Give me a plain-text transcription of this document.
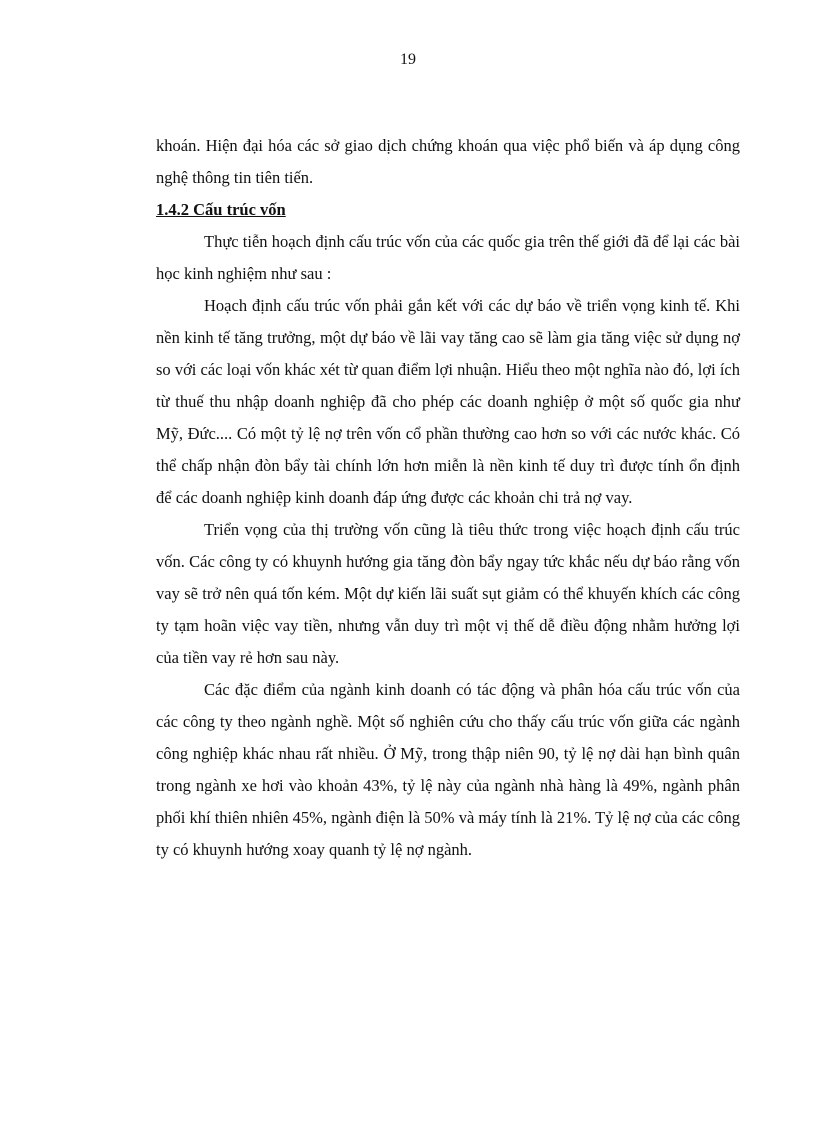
19

khoán. Hiện đại hóa các sở giao dịch chứng khoán qua việc phổ biến và áp dụng công nghệ thông tin tiên tiến.

1.4.2 Cấu trúc vốn

Thực tiễn hoạch định cấu trúc vốn của các quốc gia trên thế giới đã để lại các bài học kinh nghiệm như sau :

Hoạch định cấu trúc vốn phải gắn kết với các dự báo về triển vọng kinh tế. Khi nền kinh tế tăng trưởng, một dự báo về lãi vay tăng cao sẽ làm gia tăng việc sử dụng nợ so với các loại vốn khác xét từ quan điểm lợi nhuận. Hiểu theo một nghĩa nào đó, lợi ích từ thuế thu nhập doanh nghiệp đã cho phép các doanh nghiệp ở một số quốc gia như Mỹ, Đức.... Có một tỷ lệ nợ trên vốn cổ phần thường cao hơn so với các nước khác. Có thể chấp nhận đòn bẩy tài chính lớn hơn miễn là nền kinh tế duy trì được tính ổn định để các doanh nghiệp kinh doanh đáp ứng được các khoản chi trả nợ vay.

Triển vọng của thị trường vốn cũng là tiêu thức trong việc hoạch định cấu trúc vốn. Các công ty có khuynh hướng gia tăng đòn bẩy ngay tức khắc nếu dự báo rằng vốn vay sẽ trở nên quá tốn kém. Một dự kiến lãi suất sụt giảm có thể khuyến khích các công ty tạm hoãn việc vay tiền, nhưng vẫn duy trì một vị thế dễ điều động nhằm hưởng lợi của tiền vay rẻ hơn sau này.

Các đặc điểm của ngành kinh doanh có tác động và phân hóa cấu trúc vốn của các công ty theo ngành nghề. Một số nghiên cứu cho thấy cấu trúc vốn giữa các ngành công nghiệp khác nhau rất nhiều. Ở Mỹ, trong thập niên 90, tỷ lệ nợ dài hạn bình quân trong ngành xe hơi vào khoản 43%, tỷ lệ này của ngành nhà hàng là 49%, ngành phân phối khí thiên nhiên 45%, ngành điện là 50% và máy tính là 21%. Tỷ lệ nợ của các công ty có khuynh hướng xoay quanh tỷ lệ nợ ngành.
